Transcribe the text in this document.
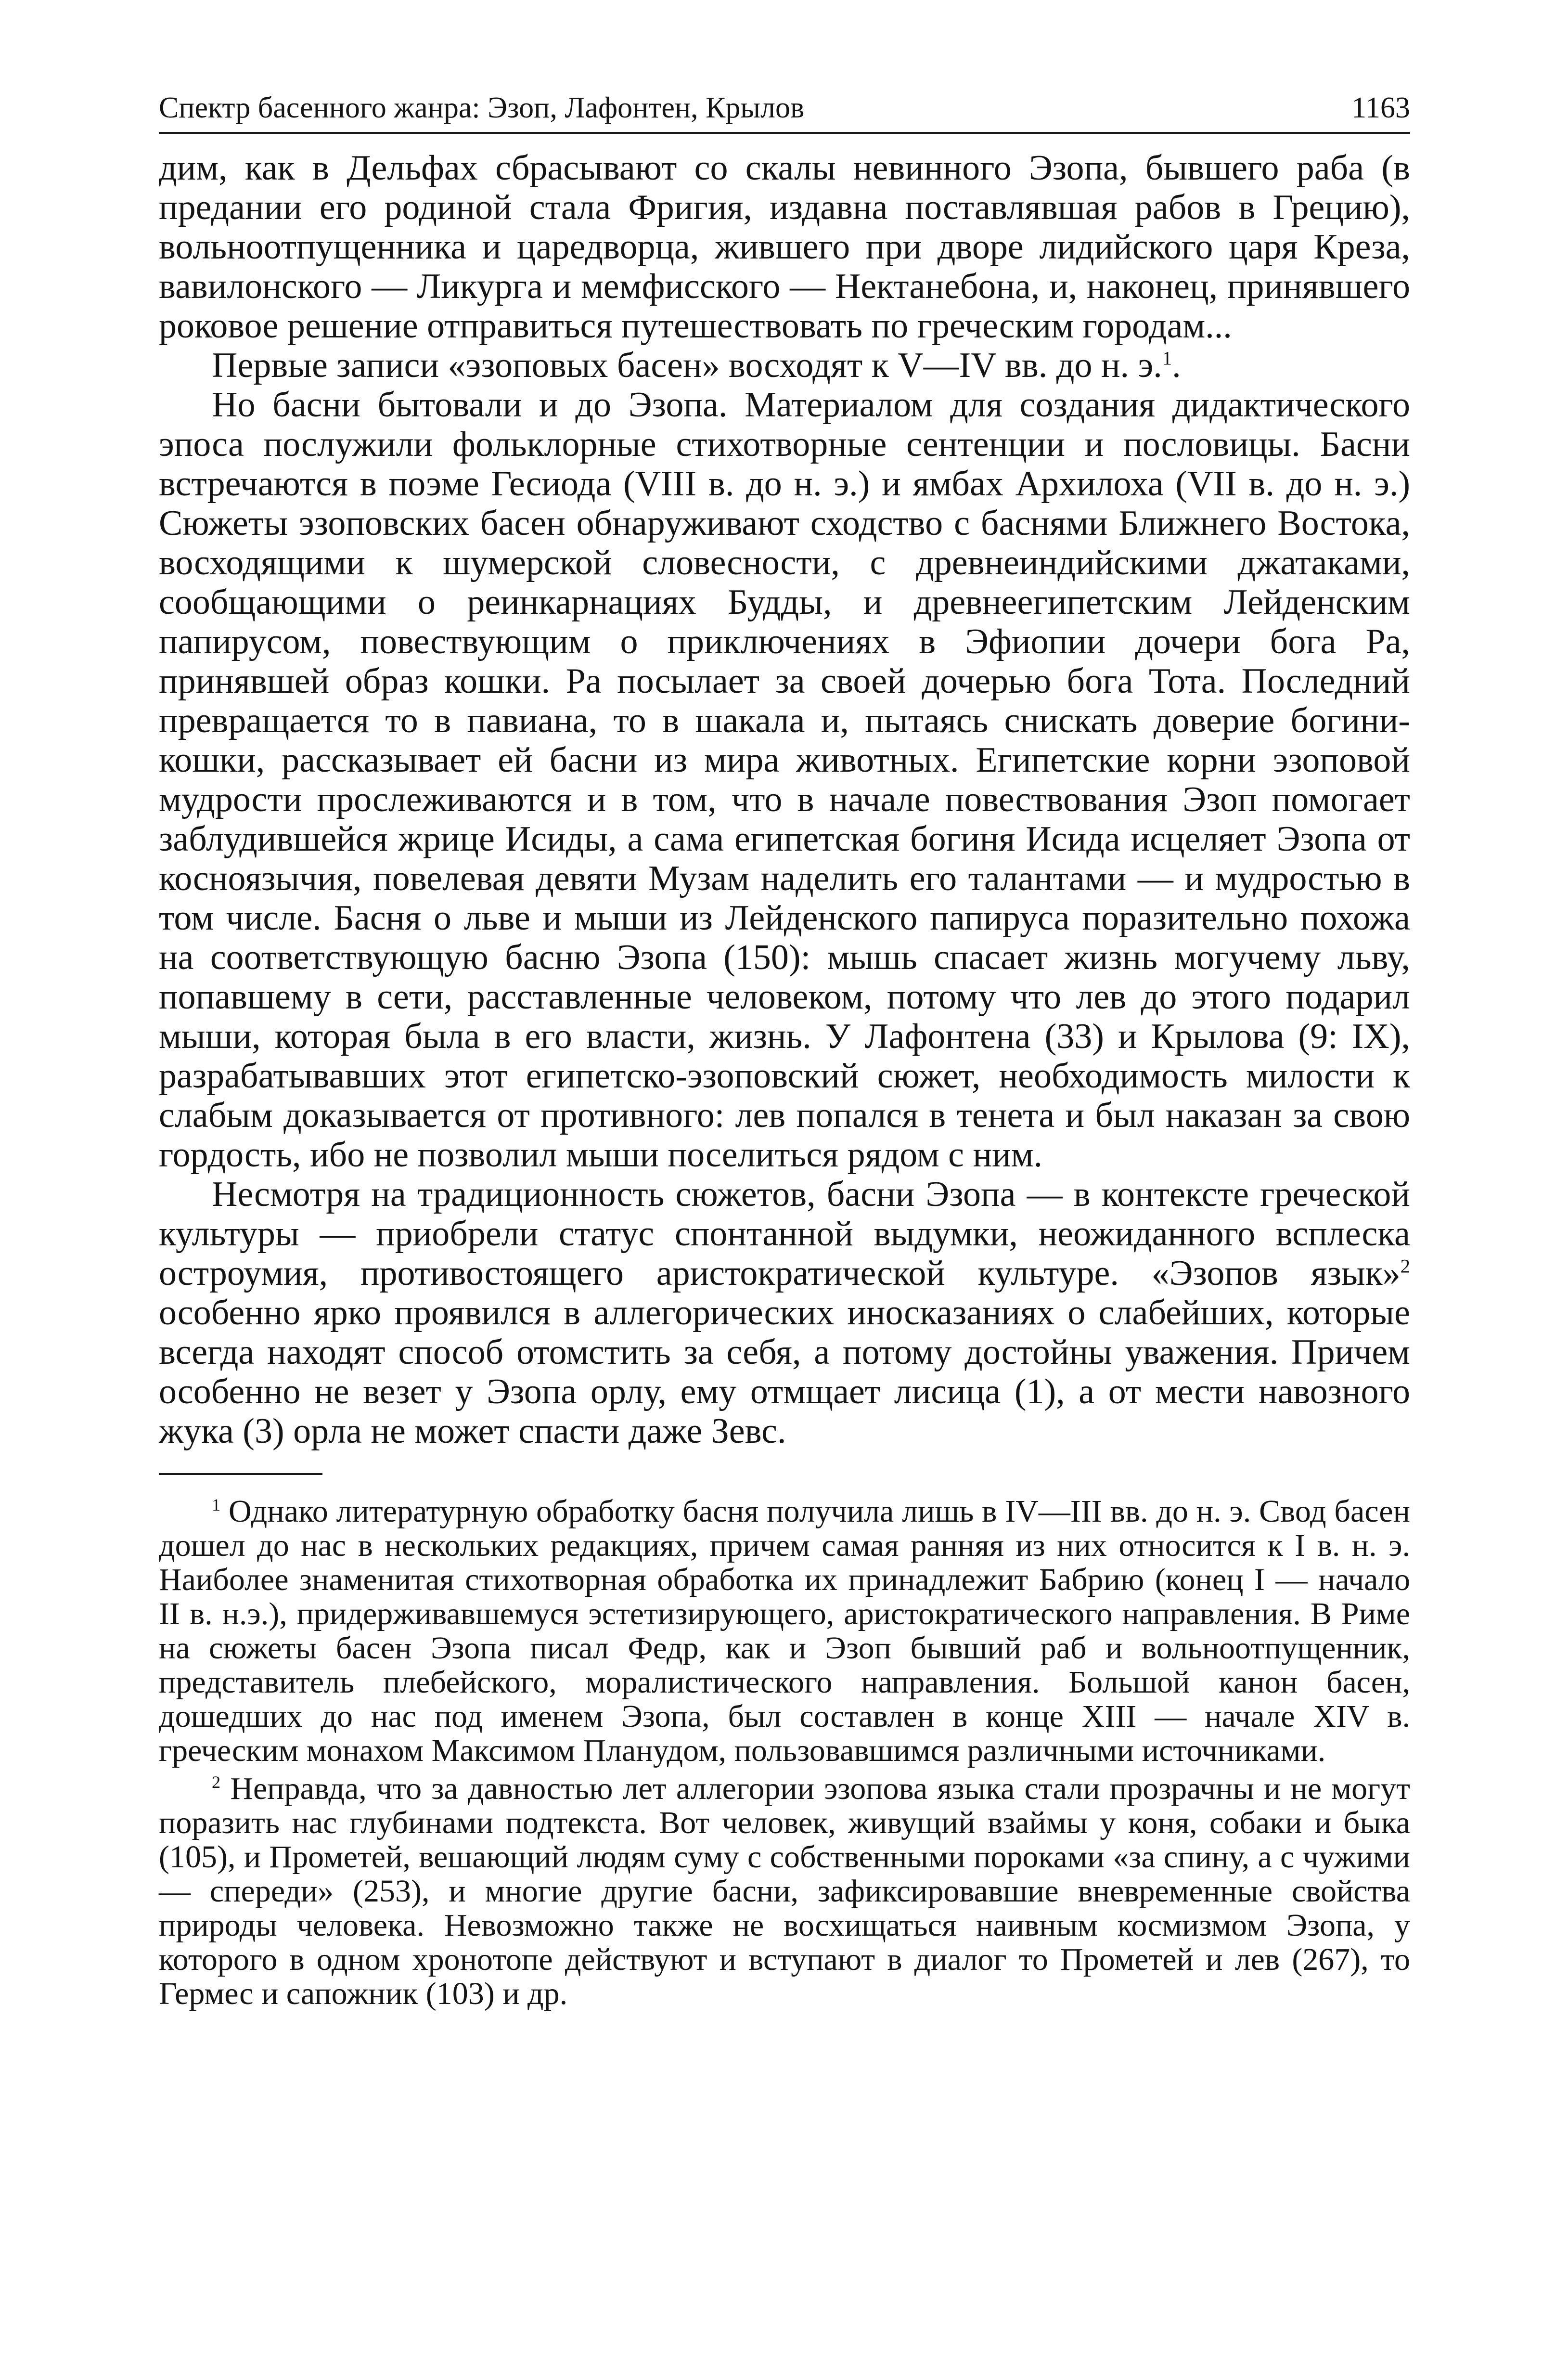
Спектр басенного жанра: Эзоп, Лафонтен, Крылов	1163

дим, как в Дельфах сбрасывают со скалы невинного Эзопа, бывшего раба (в предании его родиной стала Фригия, издавна поставлявшая рабов в Грецию), вольноотпущенника и царедворца, жившего при дворе лидийского царя Креза, вавилонского — Ликурга и мемфисского — Нектанебона, и, наконец, принявшего роковое решение отправиться путешествовать по греческим городам...

Первые записи «эзоповых басен» восходят к V—IV вв. до н. э.$^1$.

Но басни бытовали и до Эзопа. Материалом для создания дидактического эпоса послужили фольклорные стихотворные сентенции и пословицы. Басни встречаются в поэме Гесиода (VIII в. до н. э.) и ямбах Архилоха (VII в. до н. э.) Сюжеты эзоповских басен обнаруживают сходство с баснями Ближнего Востока, восходящими к шумерской словесности, с древнеиндийскими джатаками, сообщающими о реинкарнациях Будды, и древнеегипетским Лейденским папирусом, повествующим о приключениях в Эфиопии дочери бога Ра, принявшей образ кошки. Ра посылает за своей дочерью бога Тота. Последний превращается то в павиана, то в шакала и, пытаясь снискать доверие богини-кошки, рассказывает ей басни из мира животных. Египетские корни эзоповой мудрости прослеживаются и в том, что в начале повествования Эзоп помогает заблудившейся жрице Исиды, а сама египетская богиня Исида исцеляет Эзопа от косноязычия, повелевая девяти Музам наделить его талантами — и мудростью в том числе. Басня о льве и мыши из Лейденского папируса поразительно похожа на соответствующую басню Эзопа (150): мышь спасает жизнь могучему льву, попавшему в сети, расставленные человеком, потому что лев до этого подарил мыши, которая была в его власти, жизнь. У Лафонтена (33) и Крылова (9: IX), разрабатывавших этот египетско-эзоповский сюжет, необходимость милости к слабым доказывается от противного: лев попался в тенета и был наказан за свою гордость, ибо не позволил мыши поселиться рядом с ним.

Несмотря на традиционность сюжетов, басни Эзопа — в контексте греческой культуры — приобрели статус спонтанной выдумки, неожиданного всплеска остроумия, противостоящего аристократической культуре. «Эзопов язык»$^2$ особенно ярко проявился в аллегорических иносказаниях о слабейших, которые всегда находят способ отомстить за себя, а потому достойны уважения. Причем особенно не везет у Эзопа орлу, ему отмщает лисица (1), а от мести навозного жука (3) орла не может спасти даже Зевс.

$^1$ Однако литературную обработку басня получила лишь в IV—III вв. до н. э. Свод басен дошел до нас в нескольких редакциях, причем самая ранняя из них относится к I в. н. э. Наиболее знаменитая стихотворная обработка их принадлежит Бабрию (конец I — начало II в. н.э.), придерживавшемуся эстетизирующего, аристократического направления. В Риме на сюжеты басен Эзопа писал Федр, как и Эзоп бывший раб и вольноотпущенник, представитель плебейского, моралистического направления. Большой канон басен, дошедших до нас под именем Эзопа, был составлен в конце XIII — начале XIV в. греческим монахом Максимом Планудом, пользовавшимся различными источниками.

$^2$ Неправда, что за давностью лет аллегории эзопова языка стали прозрачны и не могут поразить нас глубинами подтекста. Вот человек, живущий взаймы у коня, собаки и быка (105), и Прометей, вешающий людям суму с собственными пороками «за спину, а с чужими — спереди» (253), и многие другие басни, зафиксировавшие вневременные свойства природы человека. Невозможно также не восхищаться наивным космизмом Эзопа, у которого в одном хронотопе действуют и вступают в диалог то Прометей и лев (267), то Гермес и сапожник (103) и др.
